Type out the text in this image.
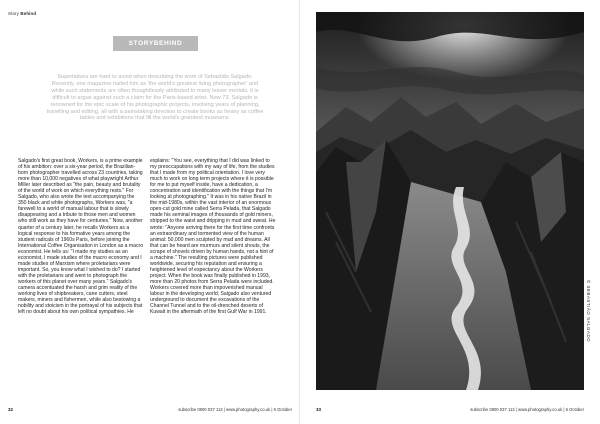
Story Behind
STORYBEHIND

Superlatives are hard to avoid when describing the work of Sebastião Salgado. Recently, one magazine hailed him as 'the world's greatest living photographer' and while such statements are often thoughtlessly attributed to many lesser mortals, it is difficult to argue against such a claim for the Paris-based artist. Now 73, Salgado is renowned for the epic scale of his photographic projects, involving years of planning, travelling and editing, all with a painstaking devotion to create books as heavy as coffee tables and exhibitions that fill the world's grandest museums.

Salgado's first great book, Workers, is a prime example of his ambition: over a six-year period, the Brazilian-born photographer travelled across 23 countries, taking more than 10,000 negatives of what playwright Arthur Miller later described as "the pain, beauty and brutality of the world of work on which everything rests." For Salgado, who also wrote the text accompanying the 350 black and white photographs, Workers was, "a farewell to a world of manual labour that is slowly disappearing and a tribute to those men and women who still work as they have for centuries." Now, another quarter of a century later, he recalls Workers as a logical response to his formative years among the student radicals of 1960s Paris, before joining the International Coffee Organisation in London as a macro economist. He tells us: "I made my studies as an economist, I made studies of the macro economy and I made studies of Marxism where proletarians were important. So, you know what I wished to do? I started with the proletarians and went to photograph the workers of this planet over many years." Salgado's camera accentuated the harsh and grim reality of the working lives of shipbreakers, cane cutters, steel makers, miners and fishermen, while also bestowing a nobility and stoicism in the portrayal of his subjects that left no doubt about his own political sympathies. He

explains: "You see, everything that I did was linked to my preoccupations with my way of life, from the studies that I made from my political orientation. I love very much to work on long term projects where it is possible for me to put myself inside, have a dedication, a concentration and identification with the things that I'm looking at photographing." It was in his native Brazil in the mid-1980s, within the vast interior of an enormous open-cut gold mine called Serra Pelada, that Salgado made his seminal images of thousands of gold miners, stripped to the waist and dripping in mud and sweat. He wrote: "Anyone arriving there for the first time confronts an extraordinary and tormented view of the human animal: 50,000 men sculpted by mud and dreams. All that can be heard are murmurs and silent shouts, the scrape of shovels driven by human hands, not a hint of a machine." The resulting pictures were published worldwide, securing his reputation and ensuring a heightened level of expectancy about the Workers project. When the book was finally published in 1993, more than 20 photos from Serra Pelada were included. Workers covered more than impoverished manual labour in the developing world; Salgado also ventured underground to document the excavations of the Channel Tunnel and to the oil-drenched deserts of Kuwait in the aftermath of the first Gulf War in 1991.

32	subscribe 0800 037 113 | www.photography.co.uk | 6 October
© SEBASTIÃO SALGADO
33	subscribe 0800 037 113 | www.photography.co.uk | 6 October
